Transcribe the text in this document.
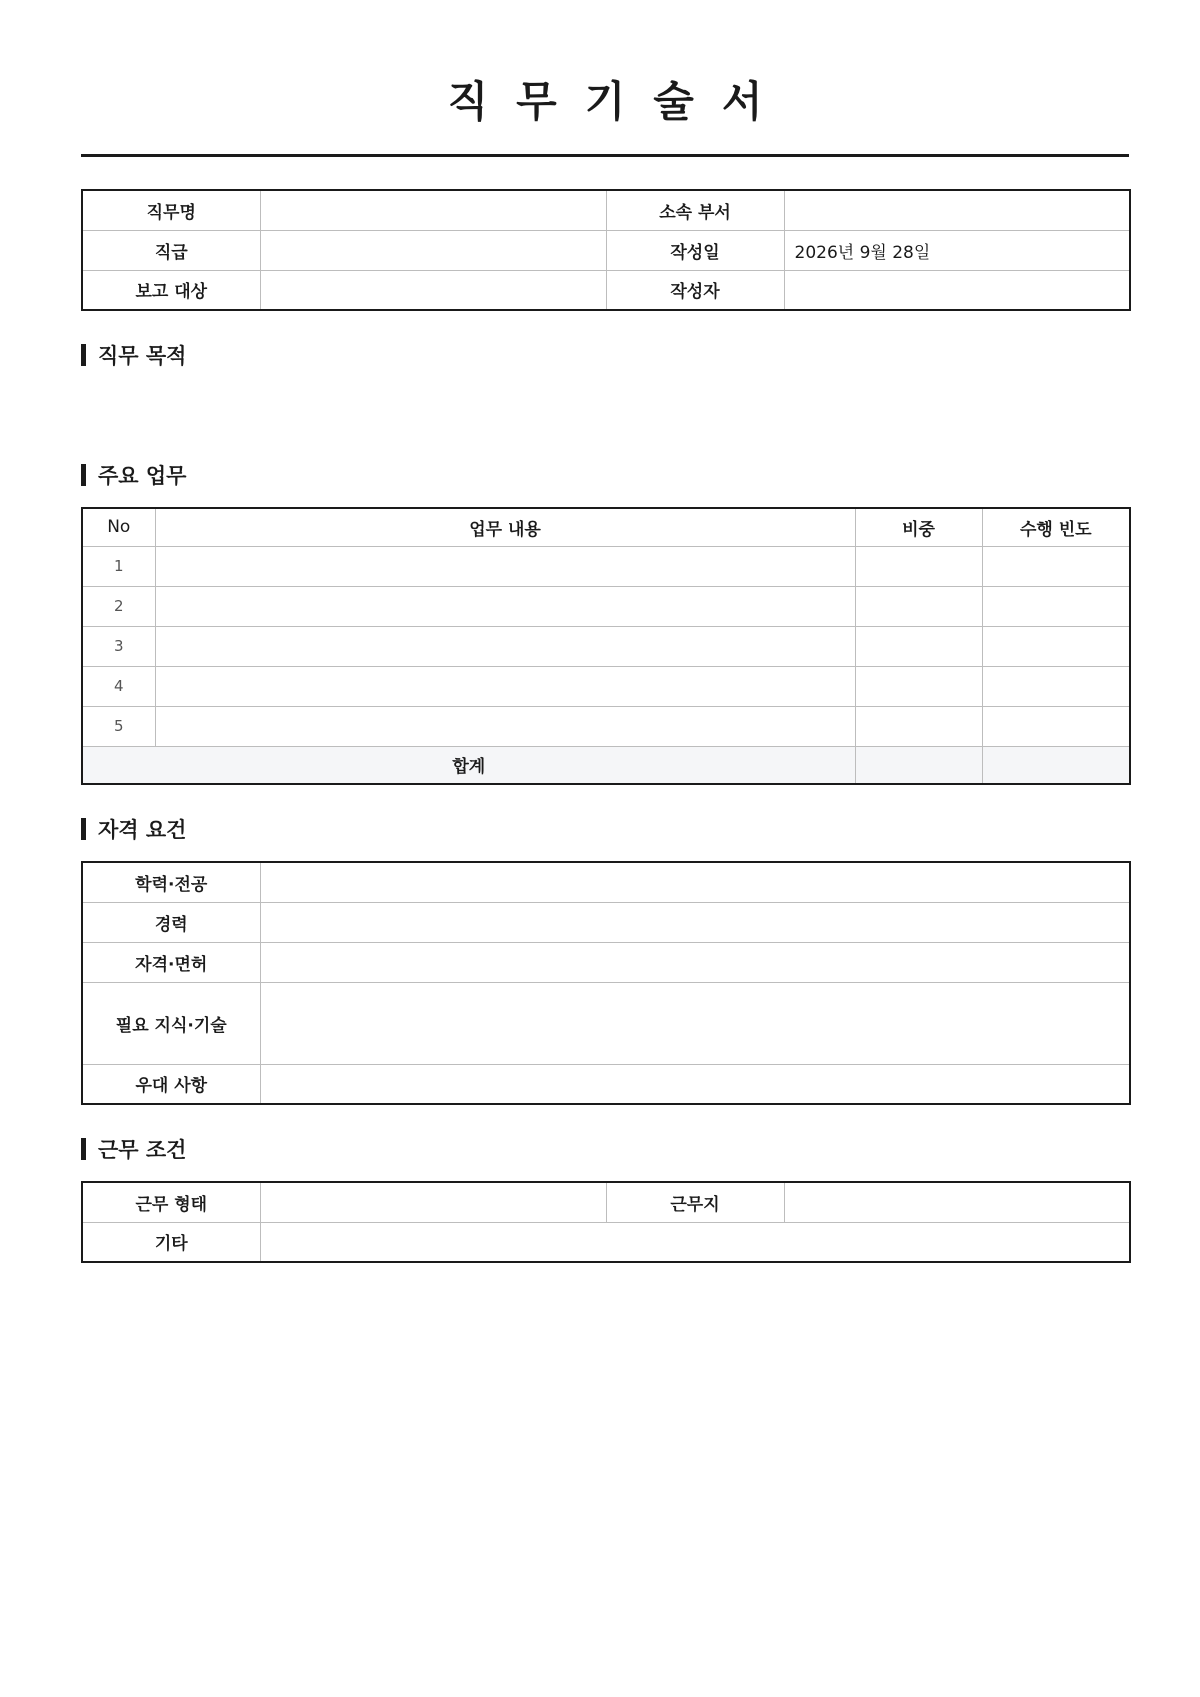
직무기술서
직무명		소속 부서	
직급		작성일	2026년 9월 28일
보고 대상		작성자	
직무 목적
주요 업무
No	업무 내용	비중	수행 빈도
1			
2			
3			
4			
5			
합계			
자격 요건
학력·전공	
경력	
자격·면허	
필요 지식·기술	
우대 사항	
근무 조건
근무 형태		근무지	
기타			
